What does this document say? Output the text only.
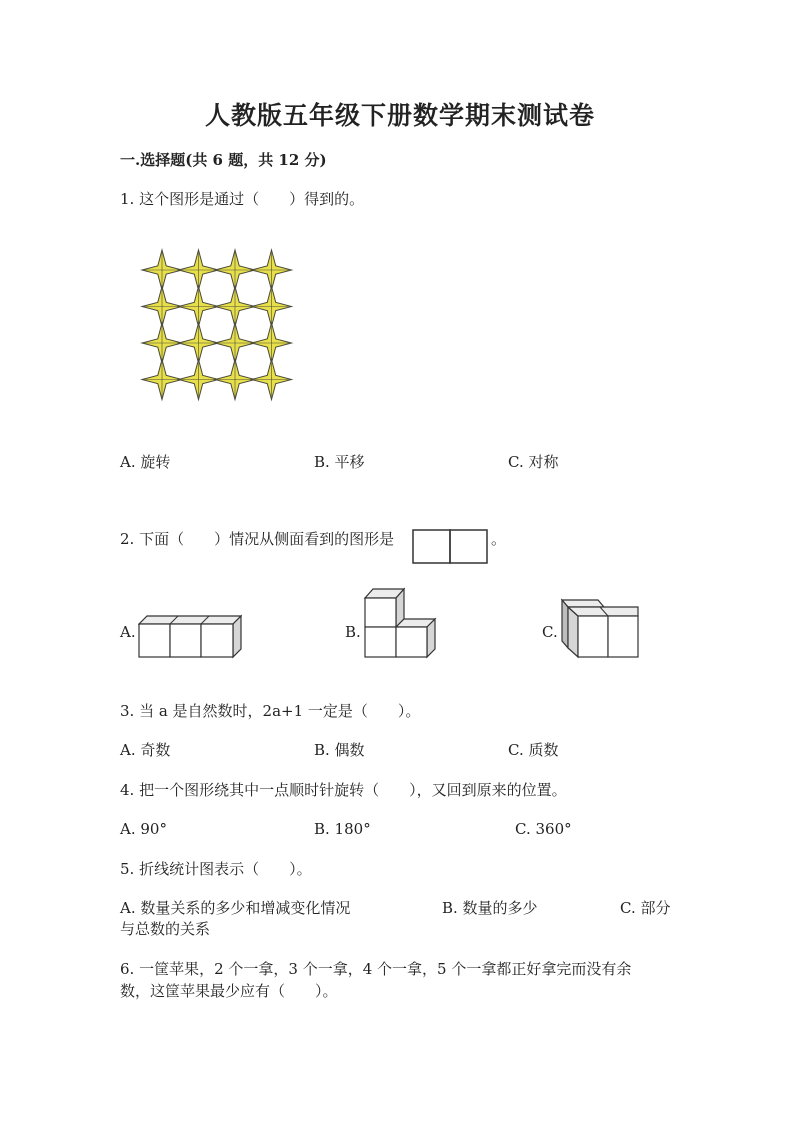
人教版五年级下册数学期末测试卷
一.选择题(共 6 题，共 12 分)
1. 这个图形是通过（　　）得到的。
A. 旋转	B. 平移	C. 对称
2. 下面（　　）情况从侧面看到的图形是	。
A.	B.	C.
3. 当 a 是自然数时，2a+1 一定是（　　）。
A. 奇数	B. 偶数	C. 质数
4. 把一个图形绕其中一点顺时针旋转（　　），又回到原来的位置。
A. 90°	B. 180°	C. 360°
5. 折线统计图表示（　　）。
A. 数量关系的多少和增减变化情况	B. 数量的多少	C. 部分
与总数的关系
6. 一筐苹果，2 个一拿，3 个一拿，4 个一拿，5 个一拿都正好拿完而没有余
数，这筐苹果最少应有（　　）。
